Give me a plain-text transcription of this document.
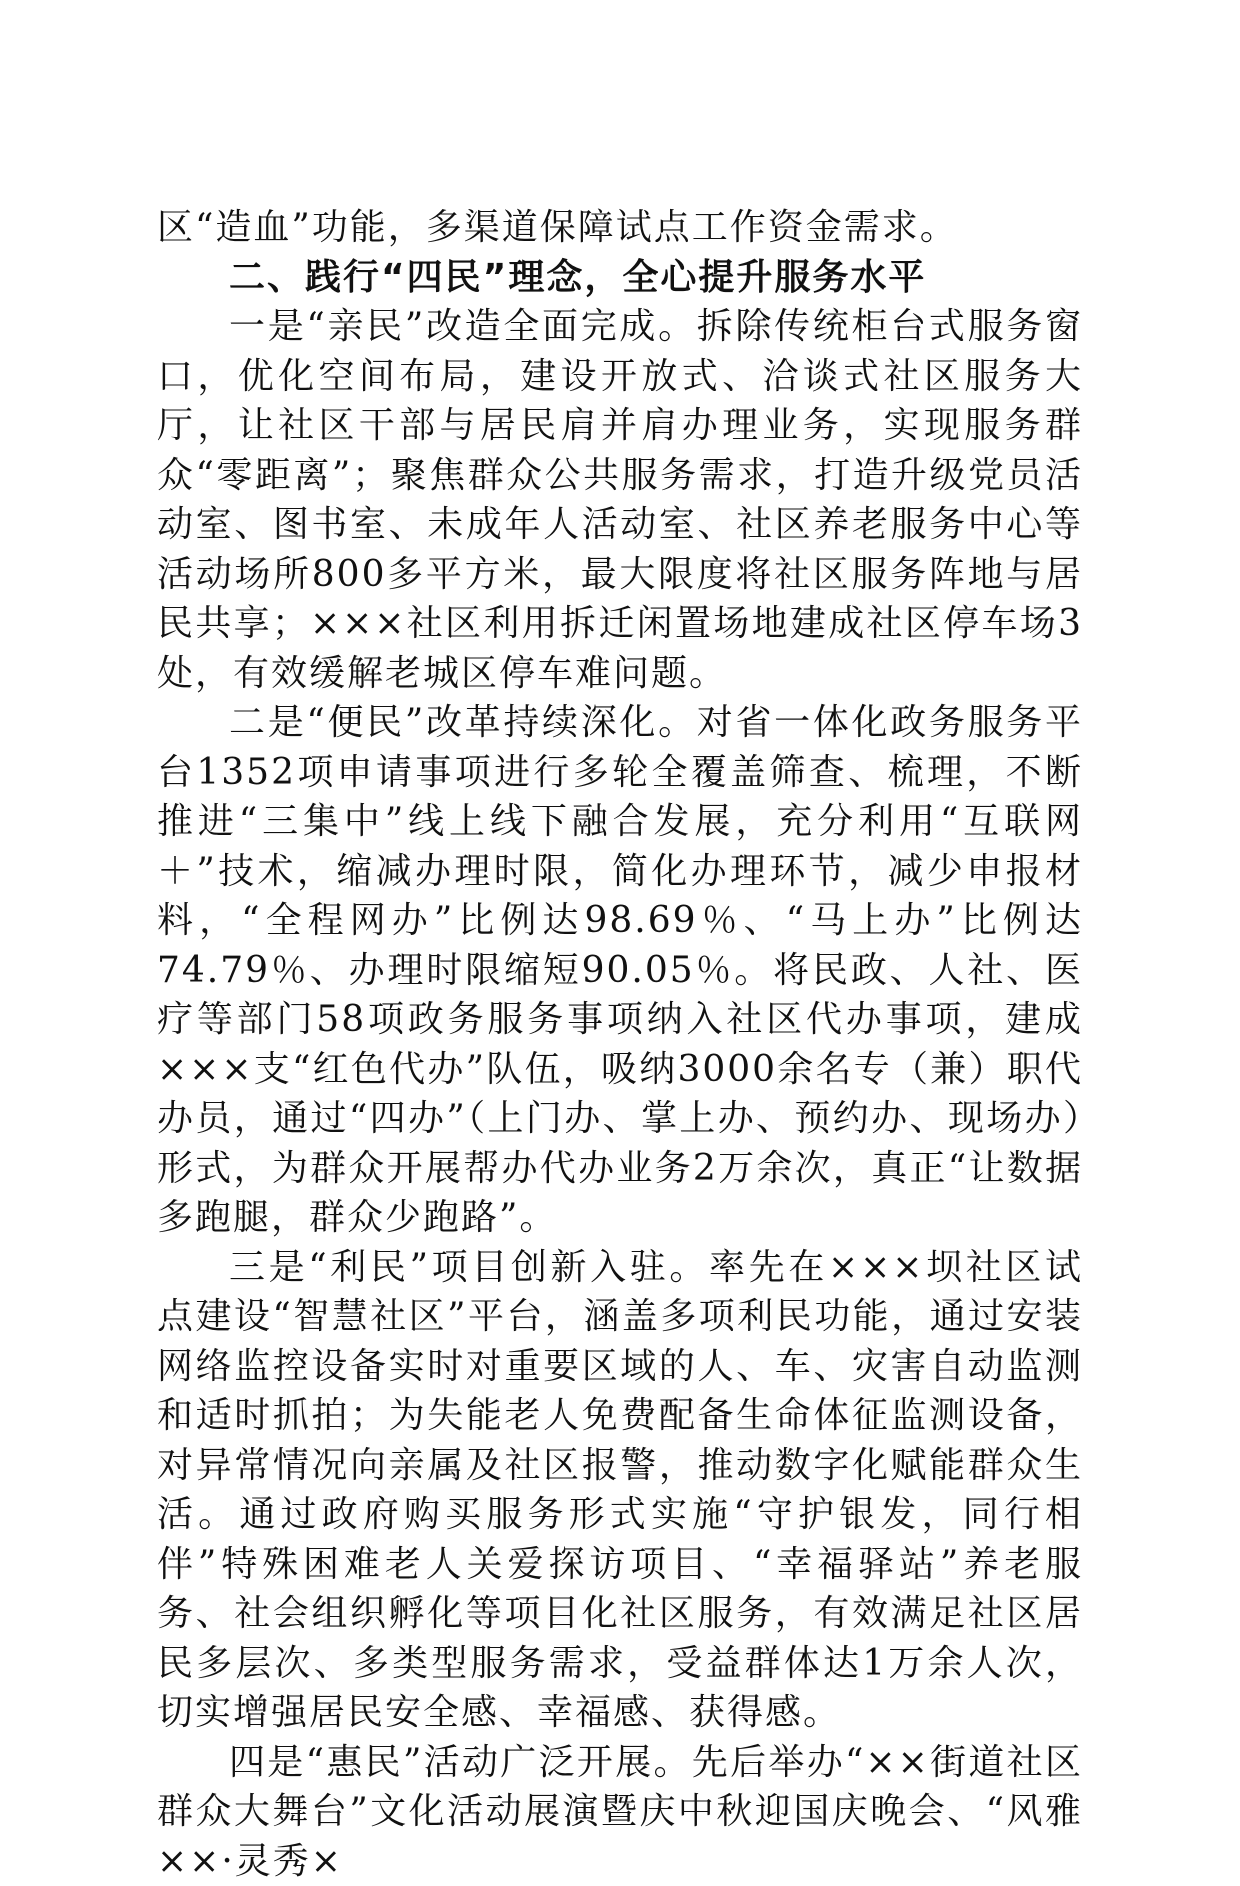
区“造血”功能，多渠道保障试点工作资金需求。

二、践行“四民”理念，全心提升服务水平

一是“亲民”改造全面完成。拆除传统柜台式服务窗口，优化空间布局，建设开放式、洽谈式社区服务大厅，让社区干部与居民肩并肩办理业务，实现服务群众“零距离”；聚焦群众公共服务需求，打造升级党员活动室、图书室、未成年人活动室、社区养老服务中心等活动场所800多平方米，最大限度将社区服务阵地与居民共享；×××社区利用拆迁闲置场地建成社区停车场3处，有效缓解老城区停车难问题。

二是“便民”改革持续深化。对省一体化政务服务平台1352项申请事项进行多轮全覆盖筛查、梳理，不断推进“三集中”线上线下融合发展，充分利用“互联网＋”技术，缩减办理时限，简化办理环节，减少申报材料，“全程网办”比例达98.69％、“马上办”比例达74.79％、办理时限缩短90.05％。将民政、人社、医疗等部门58项政务服务事项纳入社区代办事项，建成×××支“红色代办”队伍，吸纳3000余名专（兼）职代办员，通过“四办”（上门办、掌上办、预约办、现场办）形式，为群众开展帮办代办业务2万余次，真正“让数据多跑腿，群众少跑路”。

三是“利民”项目创新入驻。率先在×××坝社区试点建设“智慧社区”平台，涵盖多项利民功能，通过安装网络监控设备实时对重要区域的人、车、灾害自动监测和适时抓拍；为失能老人免费配备生命体征监测设备，对异常情况向亲属及社区报警，推动数字化赋能群众生活。通过政府购买服务形式实施“守护银发，同行相伴”特殊困难老人关爱探访项目、“幸福驿站”养老服务、社会组织孵化等项目化社区服务，有效满足社区居民多层次、多类型服务需求，受益群体达1万余人次，切实增强居民安全感、幸福感、获得感。

四是“惠民”活动广泛开展。先后举办“××街道社区群众大舞台”文化活动展演暨庆中秋迎国庆晚会、“风雅××·灵秀×
